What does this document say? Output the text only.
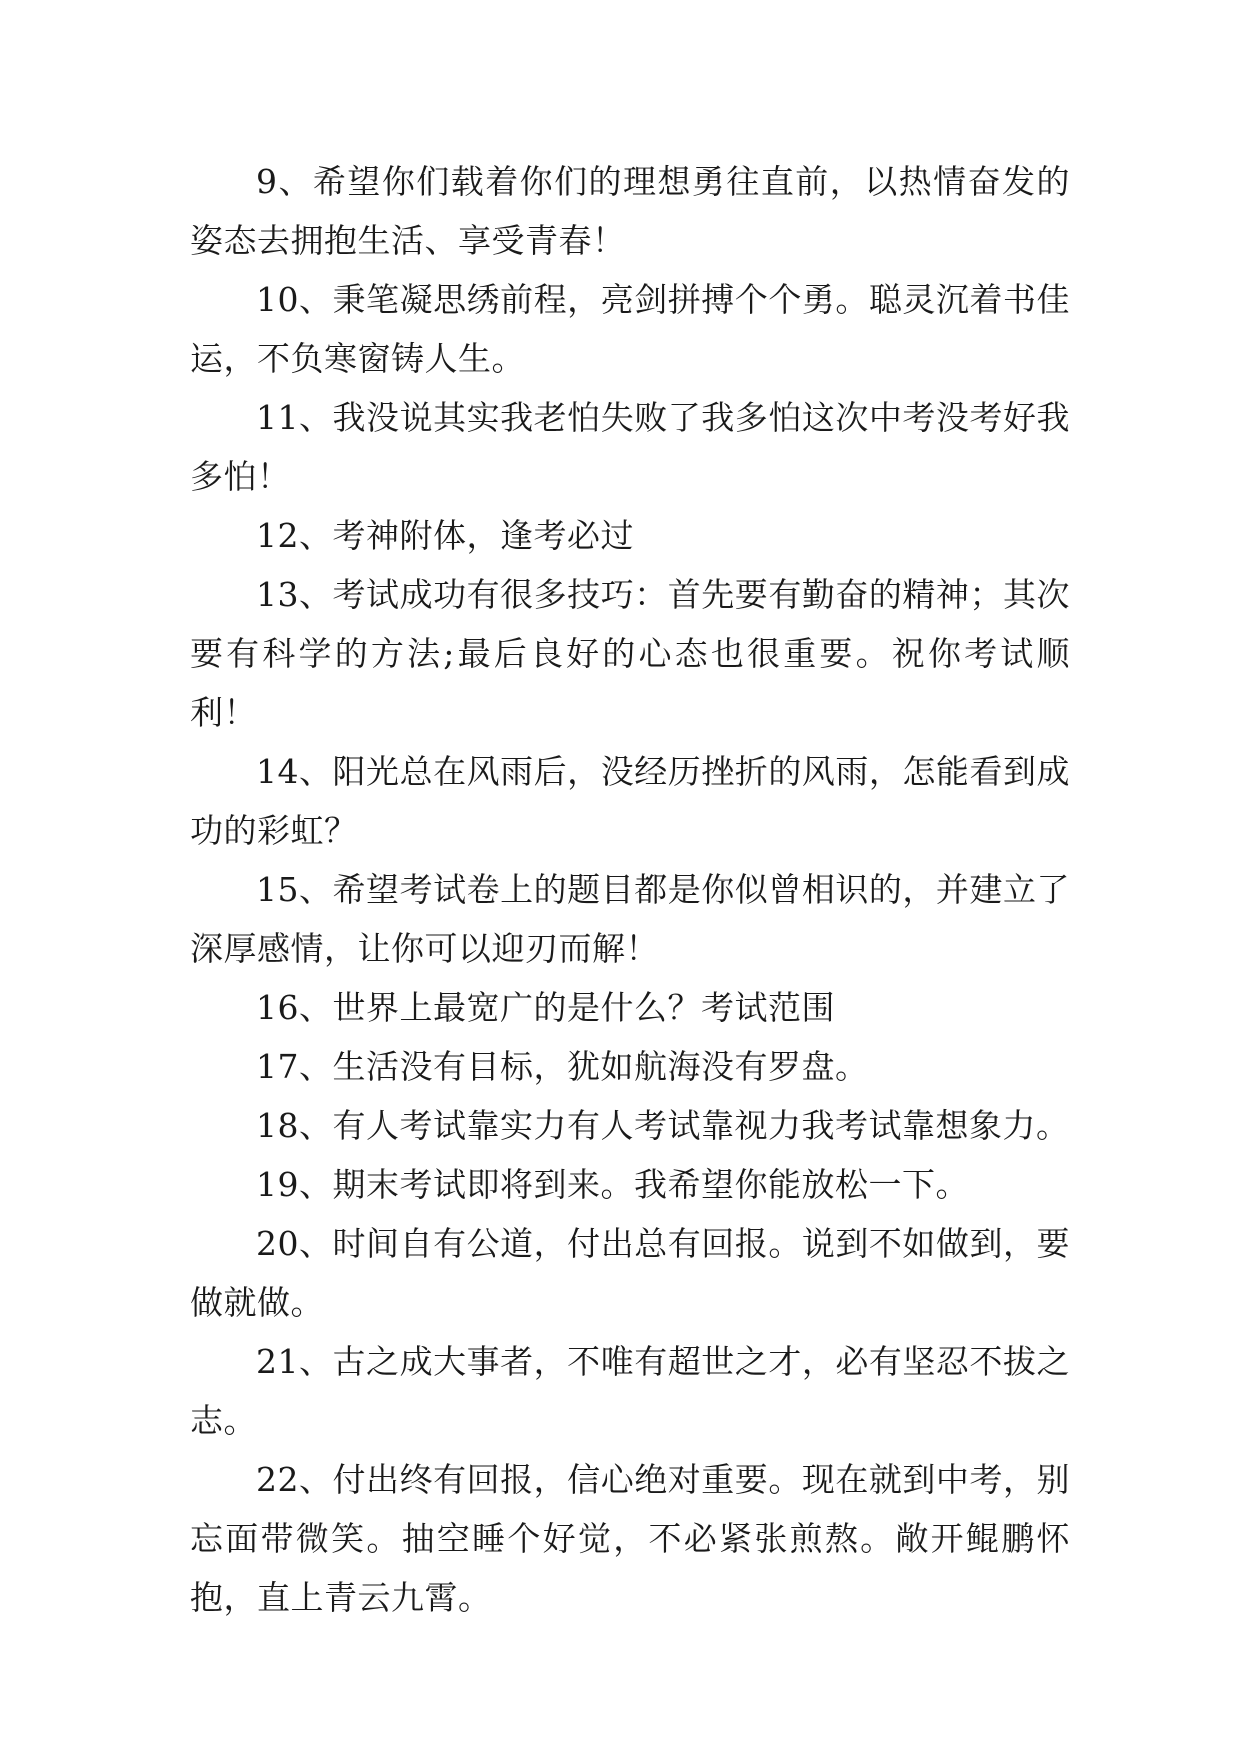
9、希望你们载着你们的理想勇往直前，以热情奋发的姿态去拥抱生活、享受青春！

10、秉笔凝思绣前程，亮剑拼搏个个勇。聪灵沉着书佳运，不负寒窗铸人生。

11、我没说其实我老怕失败了我多怕这次中考没考好我多怕！

12、考神附体，逢考必过

13、考试成功有很多技巧：首先要有勤奋的精神；其次要有科学的方法;最后良好的心态也很重要。祝你考试顺利！

14、阳光总在风雨后，没经历挫折的风雨，怎能看到成功的彩虹？

15、希望考试卷上的题目都是你似曾相识的，并建立了深厚感情，让你可以迎刃而解！

16、世界上最宽广的是什么？考试范围

17、生活没有目标，犹如航海没有罗盘。

18、有人考试靠实力有人考试靠视力我考试靠想象力。

19、期末考试即将到来。我希望你能放松一下。

20、时间自有公道，付出总有回报。说到不如做到，要做就做。

21、古之成大事者，不唯有超世之才，必有坚忍不拔之志。

22、付出终有回报，信心绝对重要。现在就到中考，别忘面带微笑。抽空睡个好觉，不必紧张煎熬。敞开鲲鹏怀抱，直上青云九霄。
